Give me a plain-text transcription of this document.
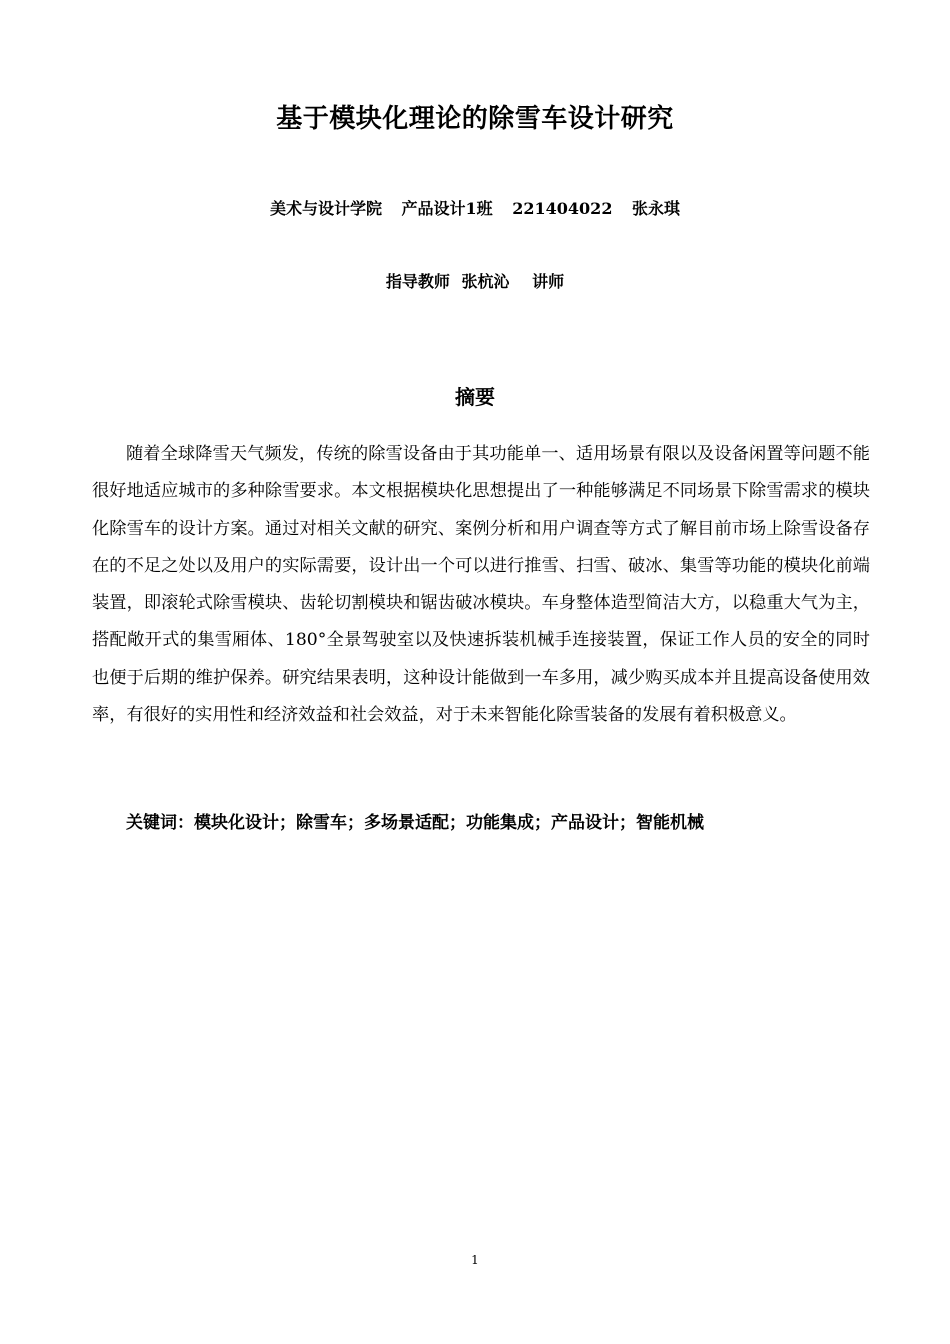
基于模块化理论的除雪车设计研究
美术与设计学院 产品设计1班 221404022 张永琪
指导教师 张杭沁 讲师
摘要
随着全球降雪天气频发，传统的除雪设备由于其功能单一、适用场景有限以及设备闲置等问题不能很好地适应城市的多种除雪要求。本文根据模块化思想提出了一种能够满足不同场景下除雪需求的模块化除雪车的设计方案。通过对相关文献的研究、案例分析和用户调查等方式了解目前市场上除雪设备存在的不足之处以及用户的实际需要，设计出一个可以进行推雪、扫雪、破冰、集雪等功能的模块化前端装置，即滚轮式除雪模块、齿轮切割模块和锯齿破冰模块。车身整体造型简洁大方，以稳重大气为主，搭配敞开式的集雪厢体、180°全景驾驶室以及快速拆装机械手连接装置，保证工作人员的安全的同时也便于后期的维护保养。研究结果表明，这种设计能做到一车多用，减少购买成本并且提高设备使用效率，有很好的实用性和经济效益和社会效益，对于未来智能化除雪装备的发展有着积极意义。
关键词：模块化设计；除雪车；多场景适配；功能集成；产品设计；智能机械
1
